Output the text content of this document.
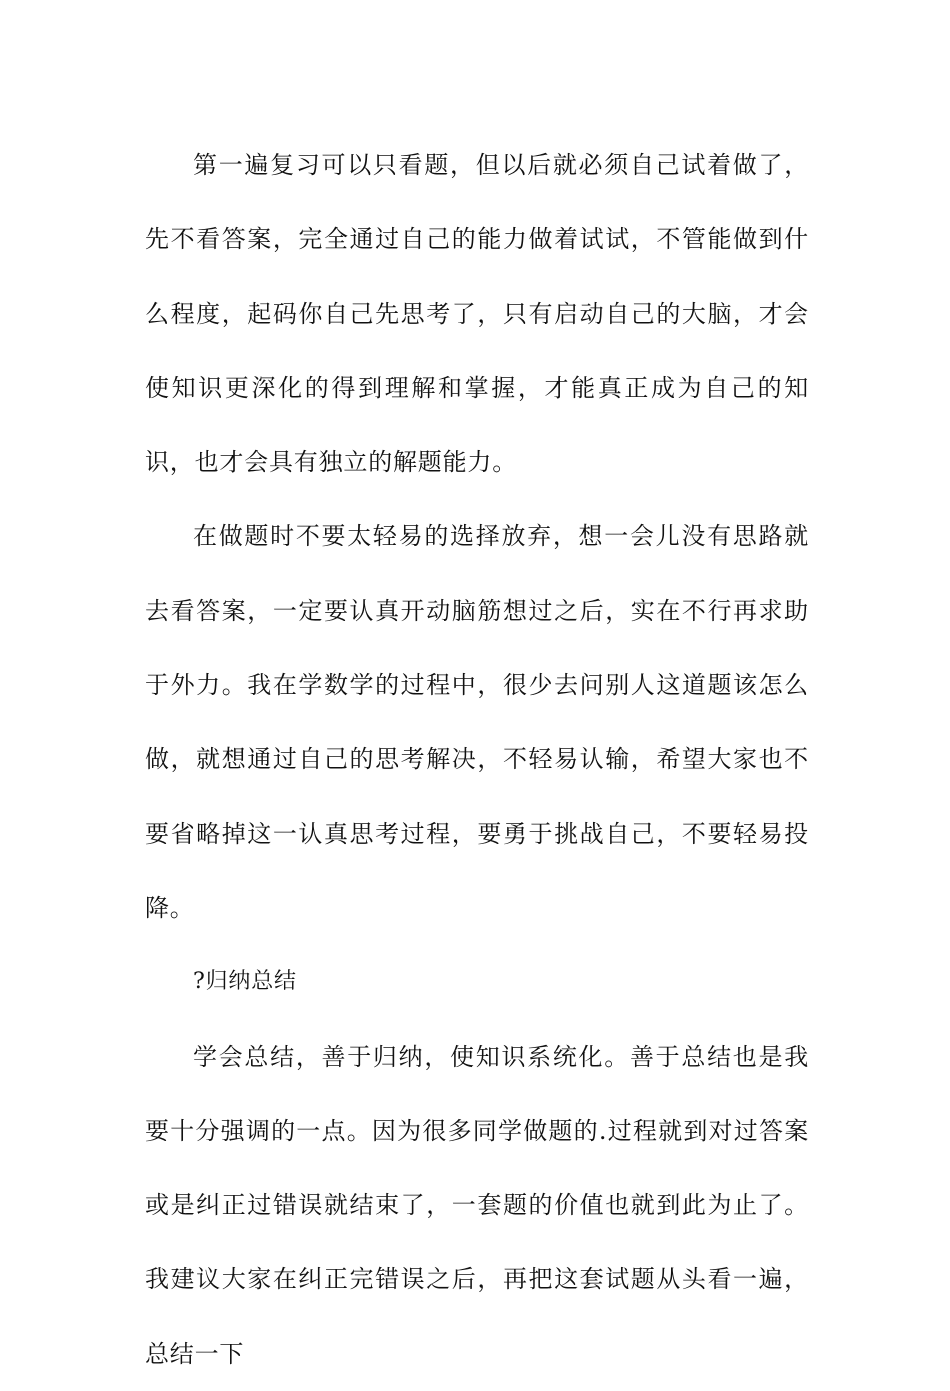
第一遍复习可以只看题，但以后就必须自己试着做了，先不看答案，完全通过自己的能力做着试试，不管能做到什么程度，起码你自己先思考了，只有启动自己的大脑，才会使知识更深化的得到理解和掌握，才能真正成为自己的知识，也才会具有独立的解题能力。

在做题时不要太轻易的选择放弃，想一会儿没有思路就去看答案，一定要认真开动脑筋想过之后，实在不行再求助于外力。我在学数学的过程中，很少去问别人这道题该怎么做，就想通过自己的思考解决，不轻易认输，希望大家也不要省略掉这一认真思考过程，要勇于挑战自己，不要轻易投降。

?归纳总结

学会总结，善于归纳，使知识系统化。善于总结也是我要十分强调的一点。因为很多同学做题的.过程就到对过答案或是纠正过错误就结束了，一套题的价值也就到此为止了。我建议大家在纠正完错误之后，再把这套试题从头看一遍，总结一下
